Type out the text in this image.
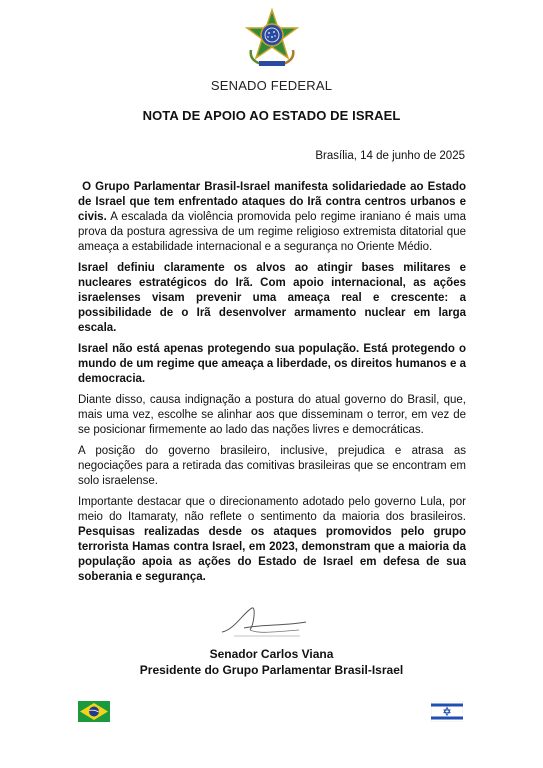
SENADO FEDERAL
NOTA DE APOIO AO ESTADO DE ISRAEL
Brasília, 14 de junho de 2025

O Grupo Parlamentar Brasil-Israel manifesta solidariedade ao Estado de Israel que tem enfrentado ataques do Irã contra centros urbanos e civis. A escalada da violência promovida pelo regime iraniano é mais uma prova da postura agressiva de um regime religioso extremista ditatorial que ameaça a estabilidade internacional e a segurança no Oriente Médio.

Israel definiu claramente os alvos ao atingir bases militares e nucleares estratégicos do Irã. Com apoio internacional, as ações israelenses visam prevenir uma ameaça real e crescente: a possibilidade de o Irã desenvolver armamento nuclear em larga escala.

Israel não está apenas protegendo sua população. Está protegendo o mundo de um regime que ameaça a liberdade, os direitos humanos e a democracia.

Diante disso, causa indignação a postura do atual governo do Brasil, que, mais uma vez, escolhe se alinhar aos que disseminam o terror, em vez de se posicionar firmemente ao lado das nações livres e democráticas.

A posição do governo brasileiro, inclusive, prejudica e atrasa as negociações para a retirada das comitivas brasileiras que se encontram em solo israelense.

Importante destacar que o direcionamento adotado pelo governo Lula, por meio do Itamaraty, não reflete o sentimento da maioria dos brasileiros. Pesquisas realizadas desde os ataques promovidos pelo grupo terrorista Hamas contra Israel, em 2023, demonstram que a maioria da população apoia as ações do Estado de Israel em defesa de sua soberania e segurança.

Senador Carlos Viana
Presidente do Grupo Parlamentar Brasil-Israel
